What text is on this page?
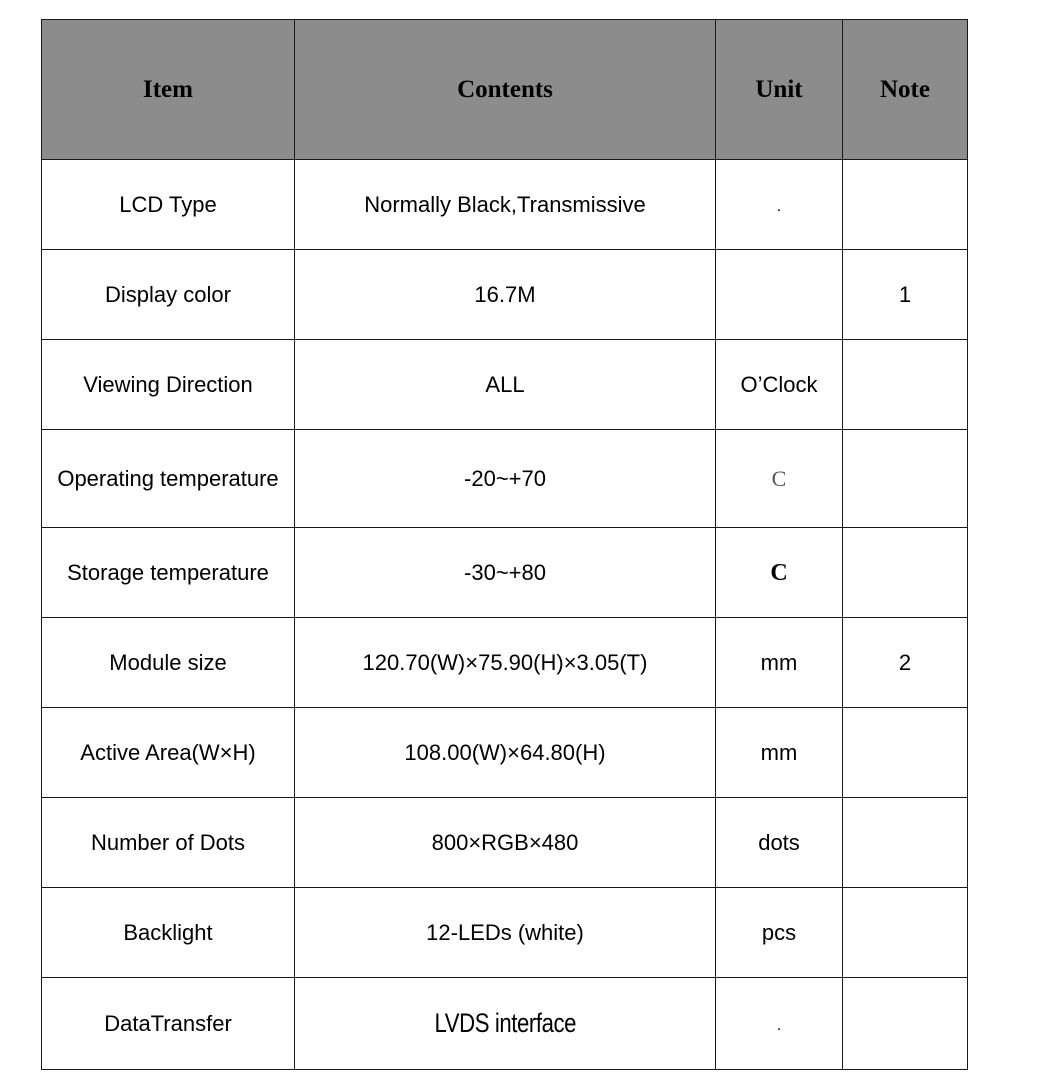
Item	Contents	Unit	Note
LCD Type	Normally Black,Transmissive	.	
Display color	16.7M		1
Viewing Direction	ALL	O’Clock	
Operating temperature	-20~+70	C	
Storage temperature	-30~+80	C	
Module size	120.70(W)×75.90(H)×3.05(T)	mm	2
Active Area(W×H)	108.00(W)×64.80(H)	mm	
Number of Dots	800×RGB×480	dots	
Backlight	12-LEDs (white)	pcs	
DataTransfer	LVDS interface	.	
